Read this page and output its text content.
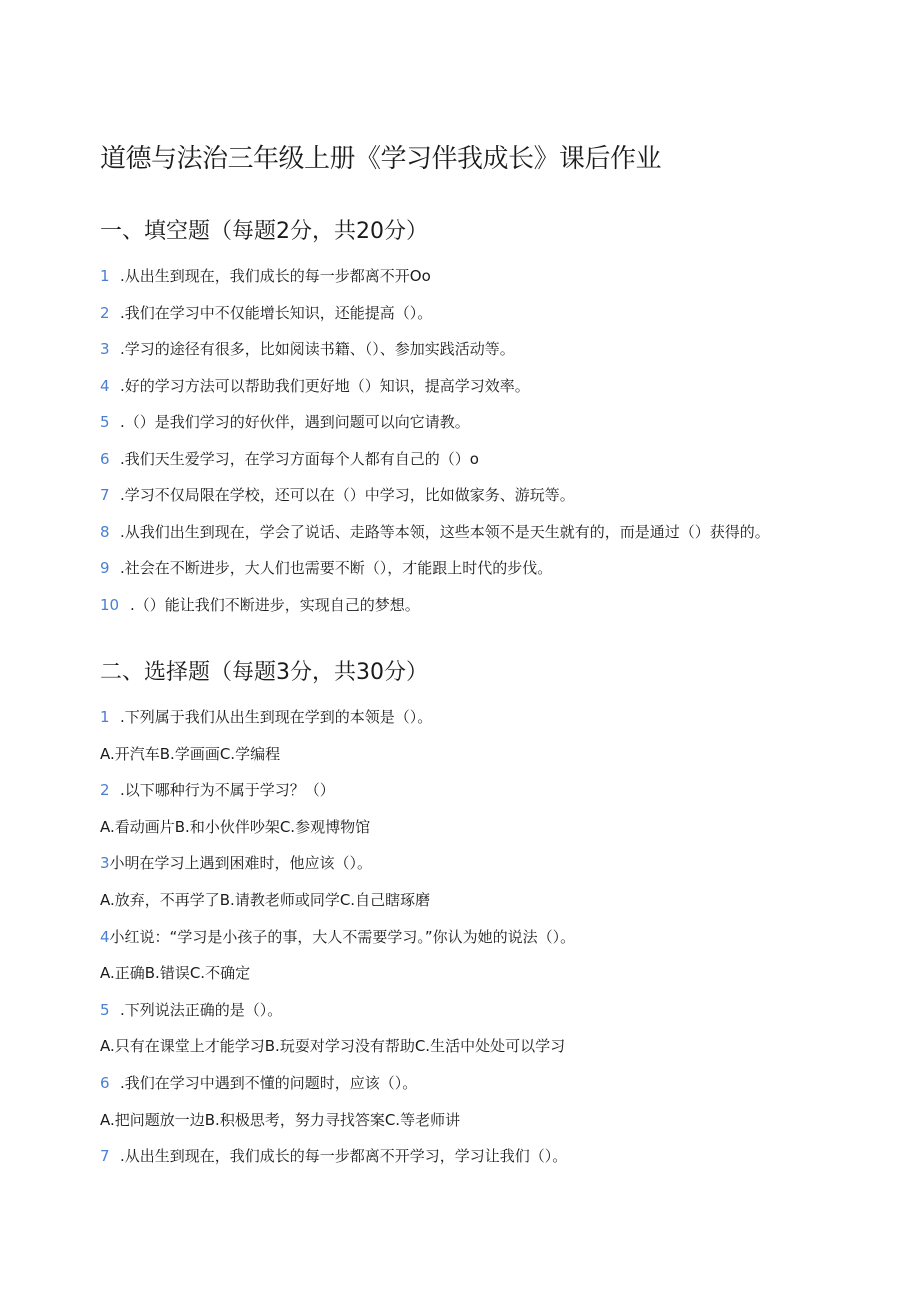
道德与法治三年级上册《学习伴我成长》课后作业
一、填空题（每题2分，共20分）
1 .从出生到现在，我们成长的每一步都离不开Oo
2 .我们在学习中不仅能增长知识，还能提高（）。
3 .学习的途径有很多，比如阅读书籍、（）、参加实践活动等。
4 .好的学习方法可以帮助我们更好地（）知识，提高学习效率。
5 .（）是我们学习的好伙伴，遇到问题可以向它请教。
6 .我们天生爱学习，在学习方面每个人都有自己的（）o
7 .学习不仅局限在学校，还可以在（）中学习，比如做家务、游玩等。
8 .从我们出生到现在，学会了说话、走路等本领，这些本领不是天生就有的，而是通过（）获得的。
9 .社会在不断进步，大人们也需要不断（），才能跟上时代的步伐。
10 .（）能让我们不断进步，实现自己的梦想。
二、选择题（每题3分，共30分）
1 .下列属于我们从出生到现在学到的本领是（）。
A.开汽车B.学画画C.学编程
2 .以下哪种行为不属于学习？（）
A.看动画片B.和小伙伴吵架C.参观博物馆
3 小明在学习上遇到困难时，他应该（）。
A.放弃，不再学了B.请教老师或同学C.自己瞎琢磨
4 小红说：“学习是小孩子的事，大人不需要学习。”你认为她的说法（）。
A.正确B.错误C.不确定
5 .下列说法正确的是（）。
A.只有在课堂上才能学习B.玩耍对学习没有帮助C.生活中处处可以学习
6 .我们在学习中遇到不懂的问题时，应该（）。
A.把问题放一边B.积极思考，努力寻找答案C.等老师讲
7 .从出生到现在，我们成长的每一步都离不开学习，学习让我们（）。
